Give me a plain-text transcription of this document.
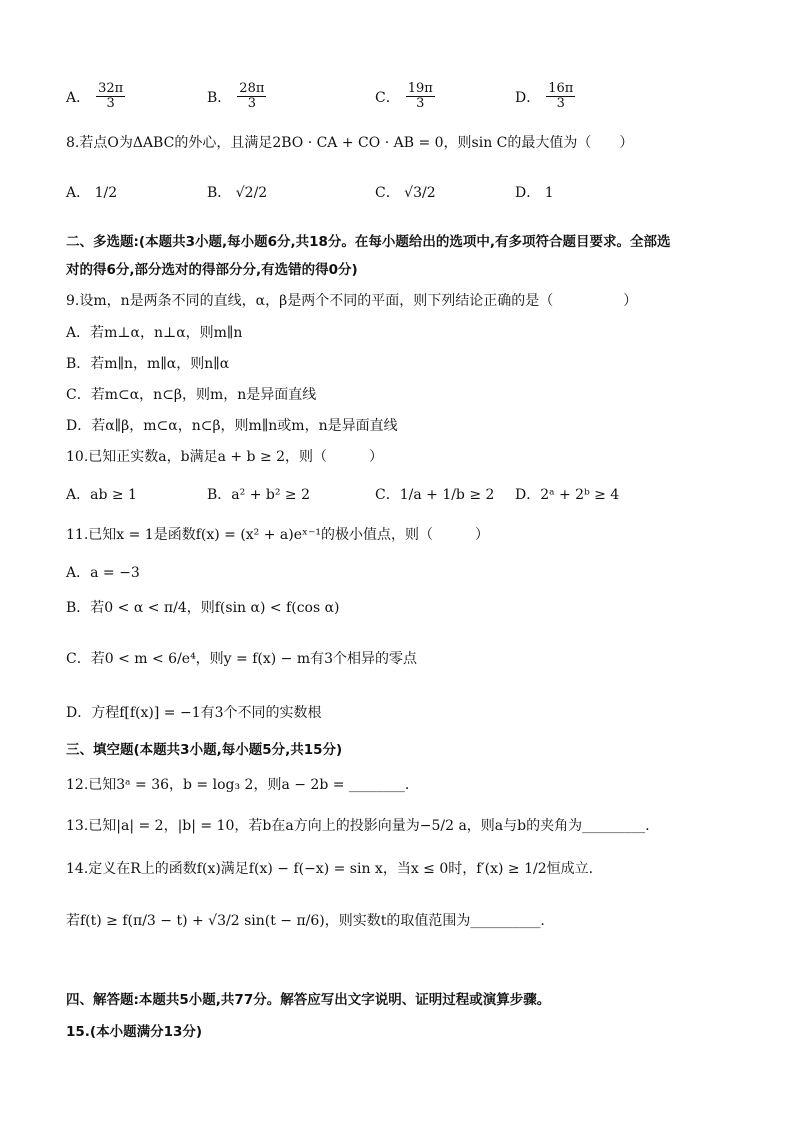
A． $\frac{32\pi}{3}$	B． $\frac{28\pi}{3}$	C． $\frac{19\pi}{3}$	D． $\frac{16\pi}{3}$
8.若点O为ΔABC的外心，且满足2BO · CA + CO · AB = 0，则sin C的最大值为（　　）
A． 1/2	B． √2/2	C． √3/2	D． 1
二、多选题:(本题共3小题,每小题6分,共18分。在每小题给出的选项中,有多项符合题目要求。全部选
对的得6分,部分选对的得部分分,有选错的得0分)
9.设m，n是两条不同的直线，α，β是两个不同的平面，则下列结论正确的是（　　　　　）
A．若m⊥α，n⊥α，则m∥n
B．若m∥n，m∥α，则n∥α
C．若m⊂α，n⊂β，则m，n是异面直线
D．若α∥β，m⊂α，n⊂β，则m∥n或m，n是异面直线
10.已知正实数a，b满足a + b ≥ 2，则（　　　）
A．ab ≥ 1	B．a² + b² ≥ 2	C．1/a + 1/b ≥ 2 D．2ᵃ + 2ᵇ ≥ 4
11.已知x = 1是函数f(x) = (x² + a)eˣ⁻¹的极小值点，则（　　　）
A．a = −3
B．若0 < α < π/4，则f(sin α) < f(cos α)
C．若0 < m < 6/e⁴，则y = f(x) − m有3个相异的零点
D．方程f[f(x)] = −1有3个不同的实数根
三、填空题(本题共3小题,每小题5分,共15分)
12.已知3ᵃ = 36，b = log₃ 2，则a − 2b = ________.
13.已知|a| = 2，|b| = 10，若b在a方向上的投影向量为−5/2 a，则a与b的夹角为_________.
14.定义在R上的函数f(x)满足f(x) − f(−x) = sin x，当x ≤ 0时，f′(x) ≥ 1/2恒成立.
若f(t) ≥ f(π/3 − t) + √3/2 sin(t − π/6)，则实数t的取值范围为__________.
四、解答题:本题共5小题,共77分。解答应写出文字说明、证明过程或演算步骤。
15.(本小题满分13分)
